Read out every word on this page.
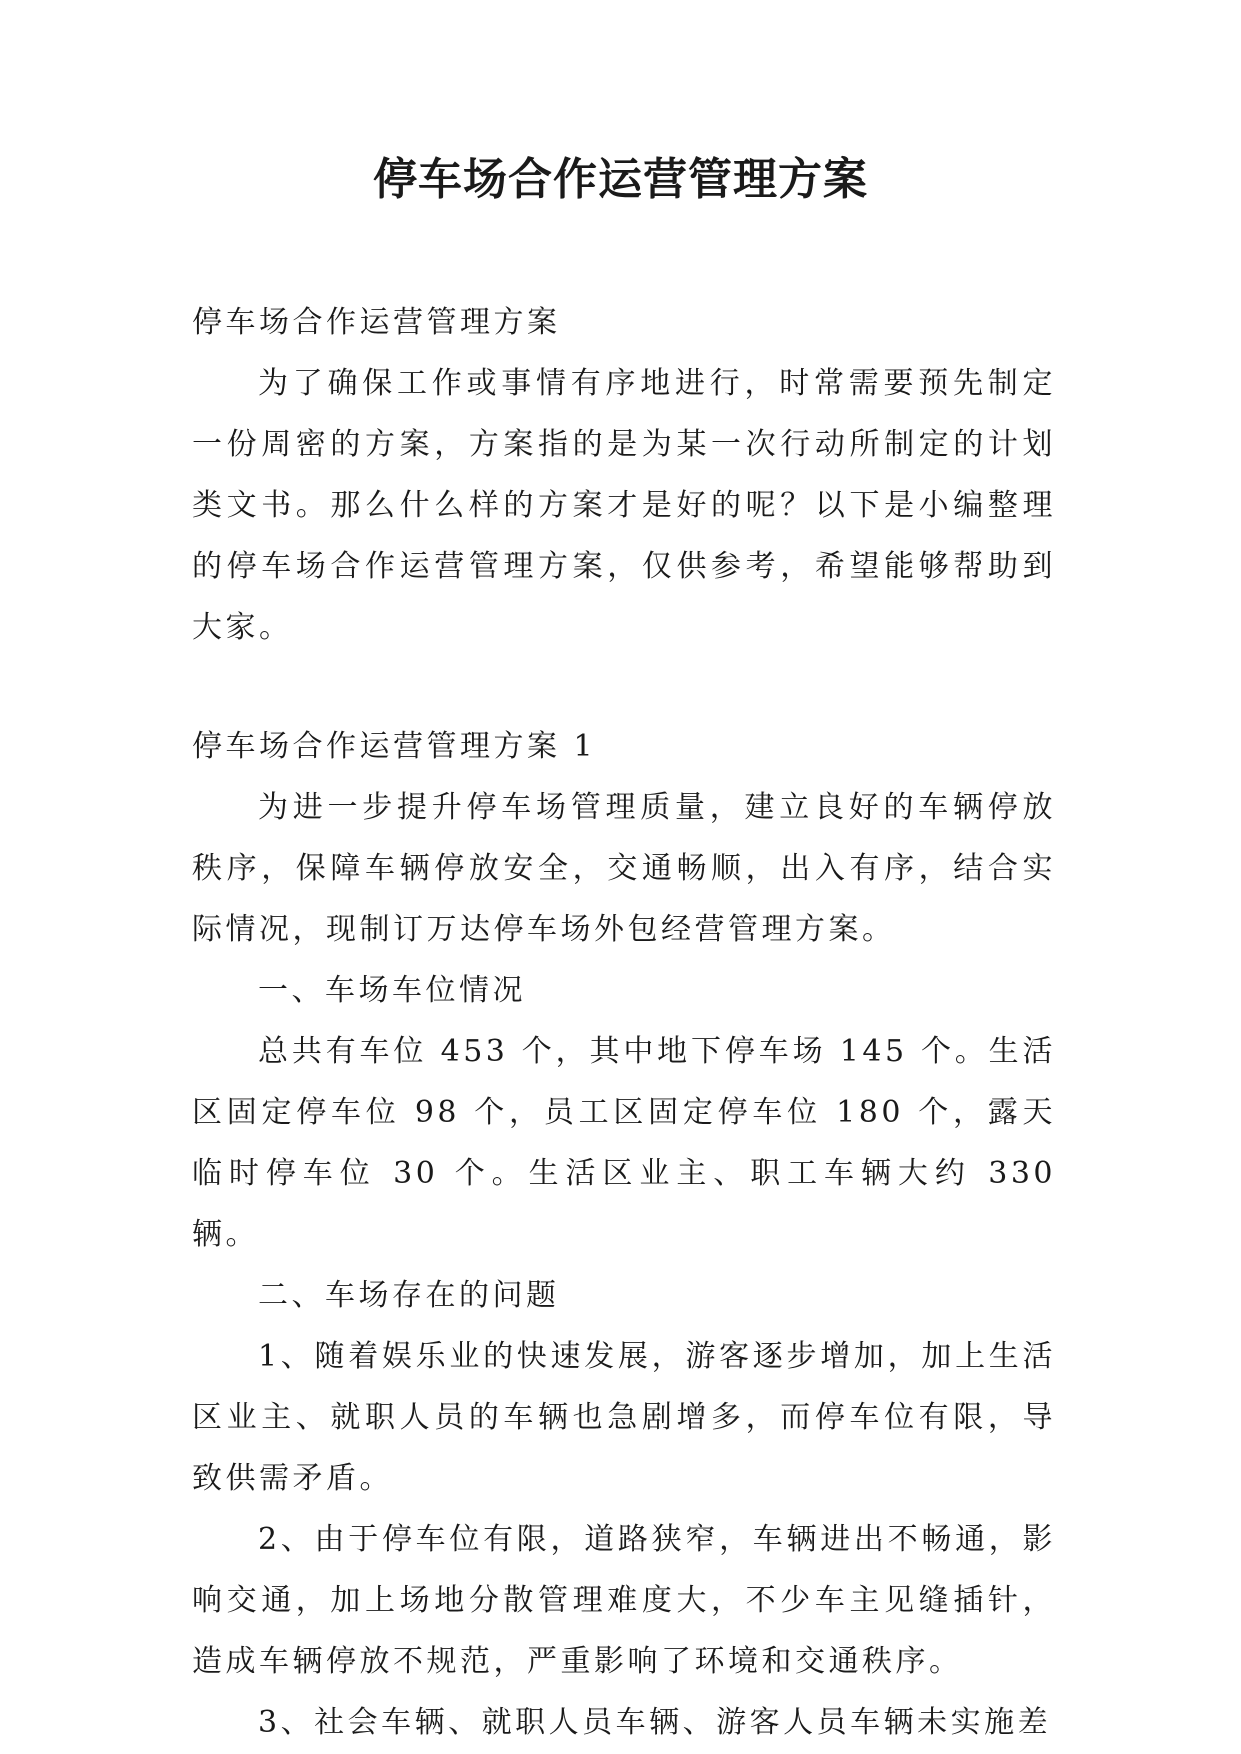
停车场合作运营管理方案

停车场合作运营管理方案

为了确保工作或事情有序地进行，时常需要预先制定一份周密的方案，方案指的是为某一次行动所制定的计划类文书。那么什么样的方案才是好的呢？以下是小编整理的停车场合作运营管理方案，仅供参考，希望能够帮助到大家。

停车场合作运营管理方案 1

为进一步提升停车场管理质量，建立良好的车辆停放秩序，保障车辆停放安全，交通畅顺，出入有序，结合实际情况，现制订万达停车场外包经营管理方案。

一、车场车位情况

总共有车位 453 个，其中地下停车场 145 个。生活区固定停车位 98 个，员工区固定停车位 180 个，露天临时停车位 30 个。生活区业主、职工车辆大约 330 辆。

二、车场存在的问题

1、随着娱乐业的快速发展，游客逐步增加，加上生活区业主、就职人员的车辆也急剧增多，而停车位有限，导致供需矛盾。

2、由于停车位有限，道路狭窄，车辆进出不畅通，影响交通，加上场地分散管理难度大，不少车主见缝插针，造成车辆停放不规范，严重影响了环境和交通秩序。

3、社会车辆、就职人员车辆、游客人员车辆未实施差
